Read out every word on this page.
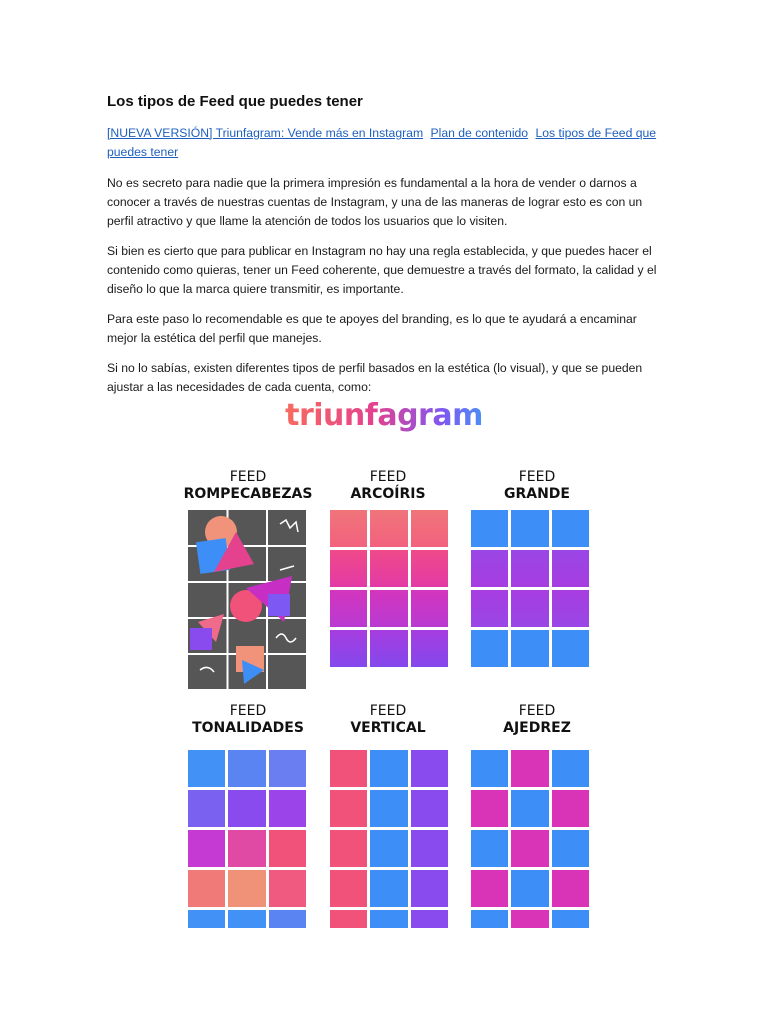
Los tipos de Feed que puedes tener
[NUEVA VERSIÓN] Triunfagram: Vende más en Instagram Plan de contenido Los tipos de Feed que puedes tener

No es secreto para nadie que la primera impresión es fundamental a la hora de vender o darnos a conocer a través de nuestras cuentas de Instagram, y una de las maneras de lograr esto es con un perfil atractivo y que llame la atención de todos los usuarios que lo visiten.

Si bien es cierto que para publicar en Instagram no hay una regla establecida, y que puedes hacer el contenido como quieras, tener un Feed coherente, que demuestre a través del formato, la calidad y el diseño lo que la marca quiere transmitir, es importante.

Para este paso lo recomendable es que te apoyes del branding, es lo que te ayudará a encaminar mejor la estética del perfil que manejes.

Si no lo sabías, existen diferentes tipos de perfil basados en la estética (lo visual), y que se pueden ajustar a las necesidades de cada cuenta, como:

triunfagram
FEED
ROMPECABEZAS
FEED
ARCOÍRIS
FEED
GRANDE
FEED
TONALIDADES
FEED
VERTICAL
FEED
AJEDREZ
